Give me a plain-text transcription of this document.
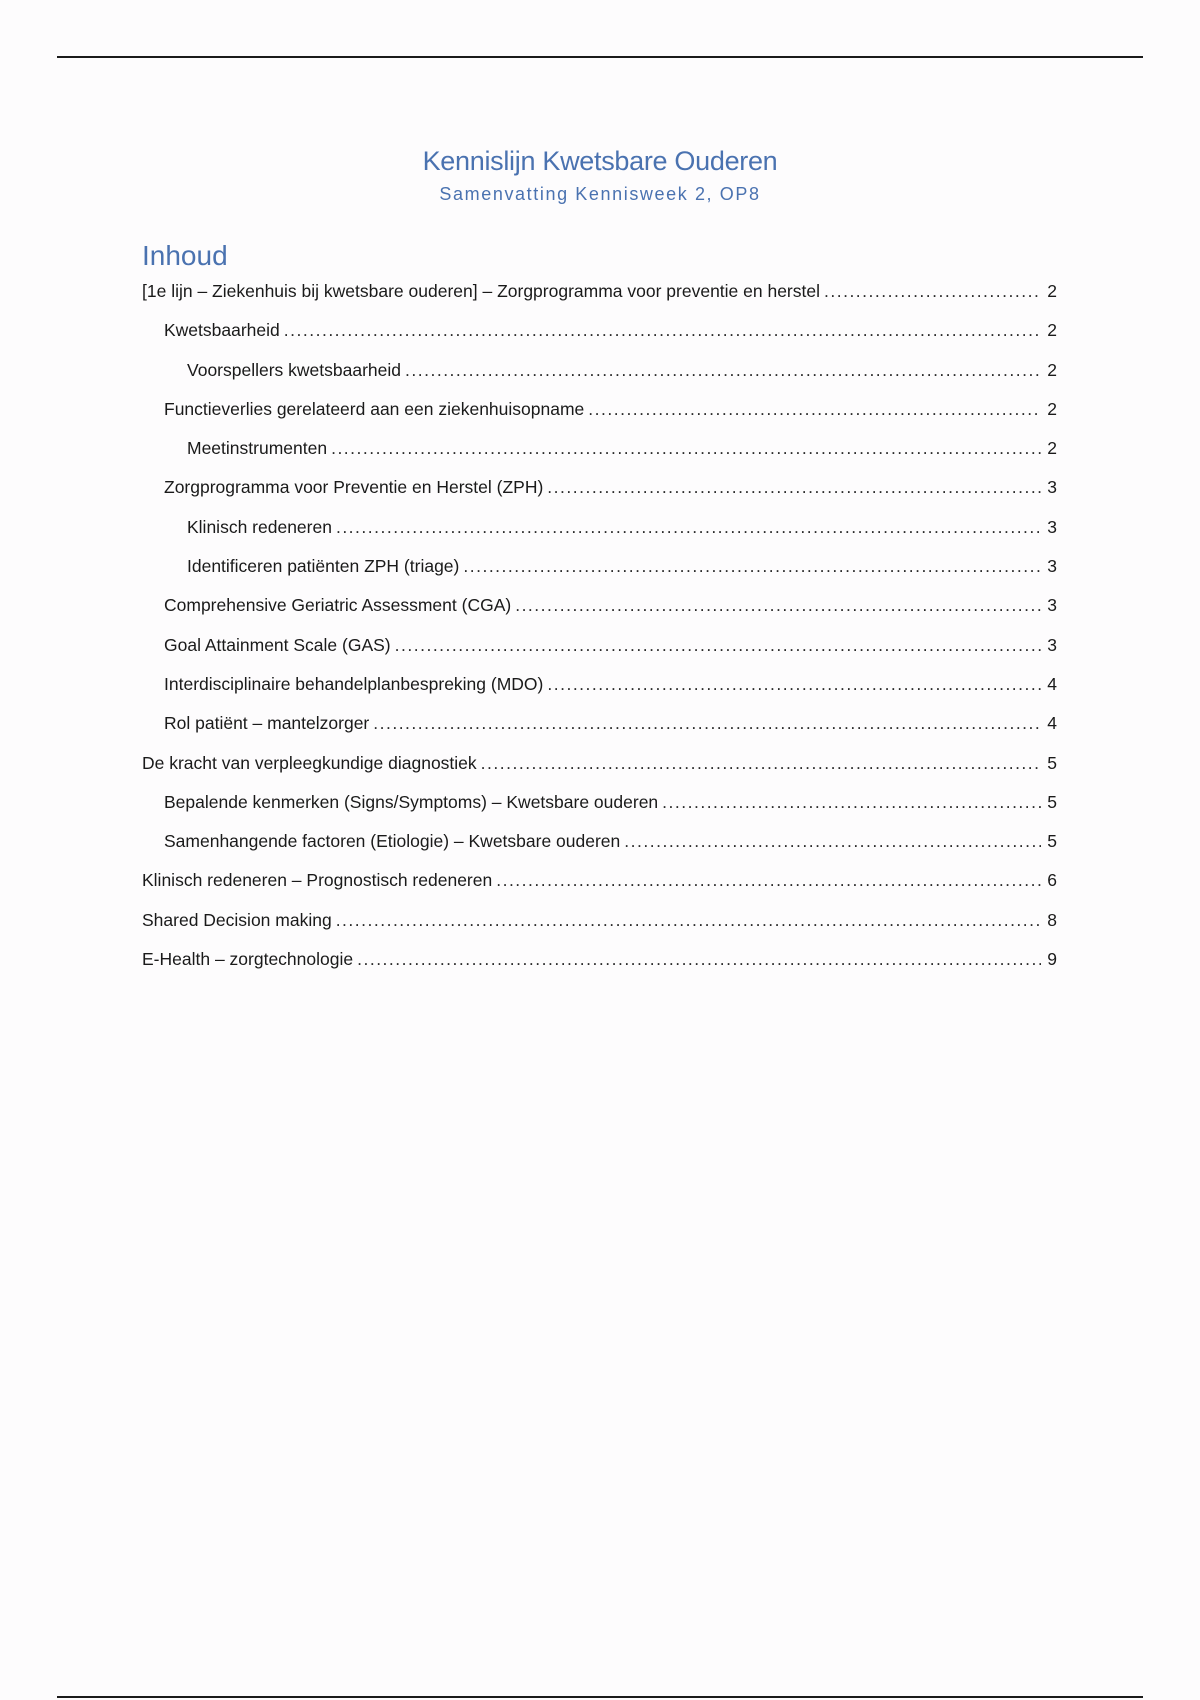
Kennislijn Kwetsbare Ouderen
Samenvatting Kennisweek 2, OP8
Inhoud
[1e lijn – Ziekenhuis bij kwetsbare ouderen] – Zorgprogramma voor preventie en herstel .....	2
Kwetsbaarheid .....	2
Voorspellers kwetsbaarheid .....	2
Functieverlies gerelateerd aan een ziekenhuisopname .....	2
Meetinstrumenten .....	2
Zorgprogramma voor Preventie en Herstel (ZPH) .....	3
Klinisch redeneren .....	3
Identificeren patiënten ZPH (triage) .....	3
Comprehensive Geriatric Assessment (CGA) .....	3
Goal Attainment Scale (GAS) .....	3
Interdisciplinaire behandelplanbespreking (MDO) .....	4
Rol patiënt – mantelzorger .....	4
De kracht van verpleegkundige diagnostiek .....	5
Bepalende kenmerken (Signs/Symptoms) – Kwetsbare ouderen .....	5
Samenhangende factoren (Etiologie) – Kwetsbare ouderen .....	5
Klinisch redeneren – Prognostisch redeneren .....	6
Shared Decision making .....	8
E-Health – zorgtechnologie .....	9
